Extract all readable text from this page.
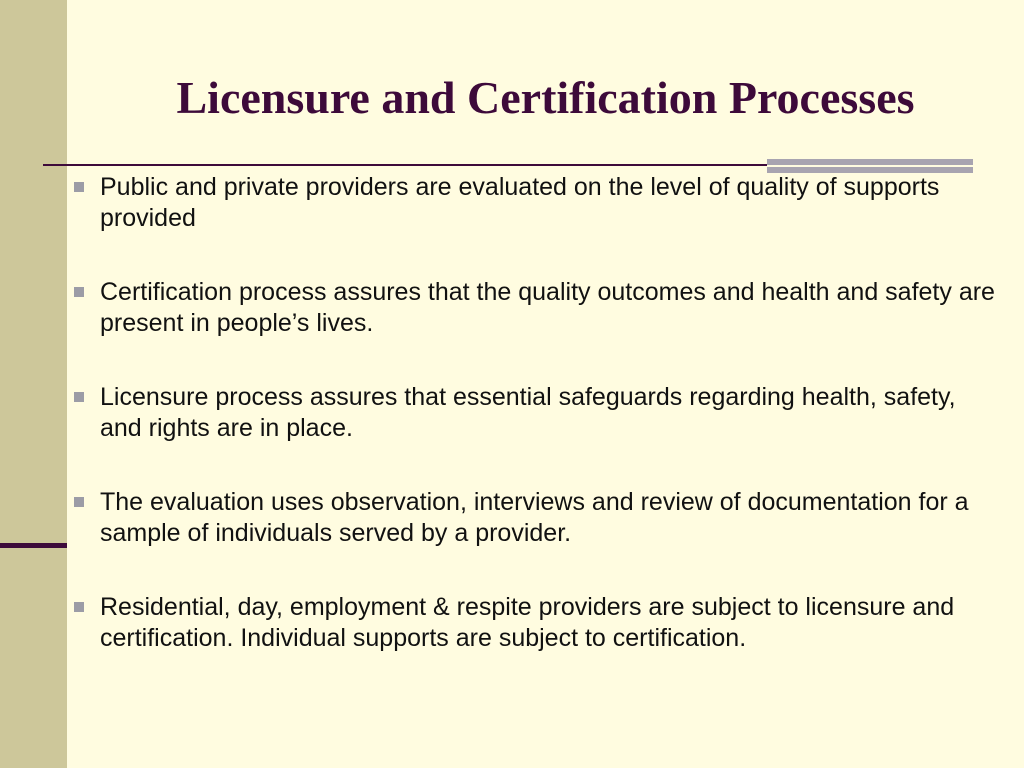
Licensure and Certification Processes
Public and private providers are evaluated on the level of quality of supports provided
Certification process assures that the quality outcomes and health and safety are present in people’s lives.
Licensure process assures that essential safeguards regarding health, safety, and rights are in place.
The evaluation uses observation, interviews and review of documentation for a sample of individuals served by a provider.
Residential, day, employment & respite providers are subject to licensure and certification. Individual supports are subject to certification.
